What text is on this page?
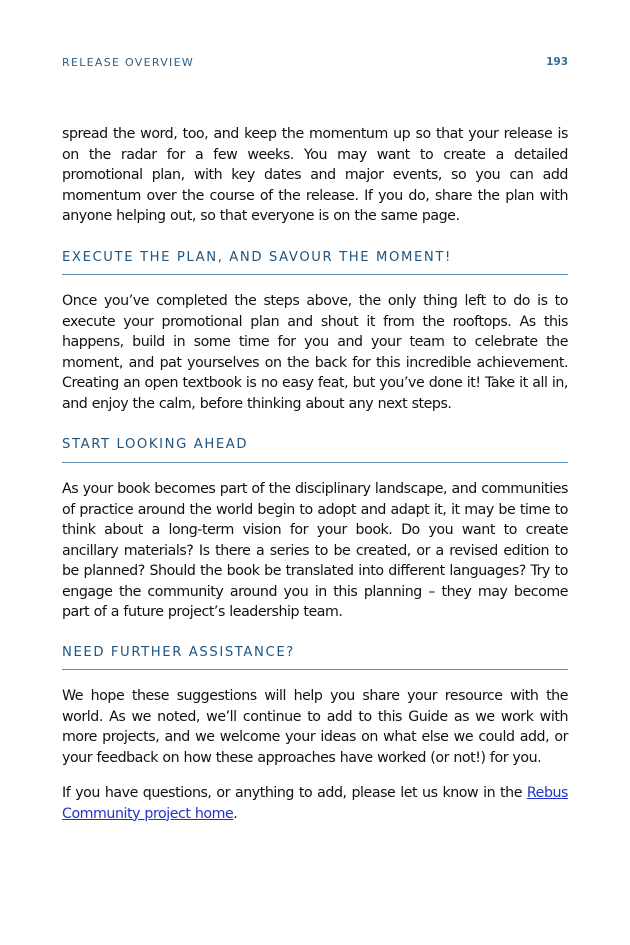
RELEASE OVERVIEW	193

spread the word, too, and keep the momentum up so that your release is on the radar for a few weeks. You may want to create a detailed promotional plan, with key dates and major events, so you can add momentum over the course of the release. If you do, share the plan with anyone helping out, so that everyone is on the same page.

EXECUTE THE PLAN, AND SAVOUR THE MOMENT!

Once you’ve completed the steps above, the only thing left to do is to execute your promotional plan and shout it from the rooftops. As this happens, build in some time for you and your team to celebrate the moment, and pat yourselves on the back for this incredible achievement. Creating an open textbook is no easy feat, but you’ve done it! Take it all in, and enjoy the calm, before thinking about any next steps.

START LOOKING AHEAD

As your book becomes part of the disciplinary landscape, and communities of practice around the world begin to adopt and adapt it, it may be time to think about a long-term vision for your book. Do you want to create ancillary materials? Is there a series to be created, or a revised edition to be planned? Should the book be translated into different languages? Try to engage the community around you in this planning – they may become part of a future project’s leadership team.

NEED FURTHER ASSISTANCE?

We hope these suggestions will help you share your resource with the world. As we noted, we’ll continue to add to this Guide as we work with more projects, and we welcome your ideas on what else we could add, or your feedback on how these approaches have worked (or not!) for you.

If you have questions, or anything to add, please let us know in the Rebus Community project home.
